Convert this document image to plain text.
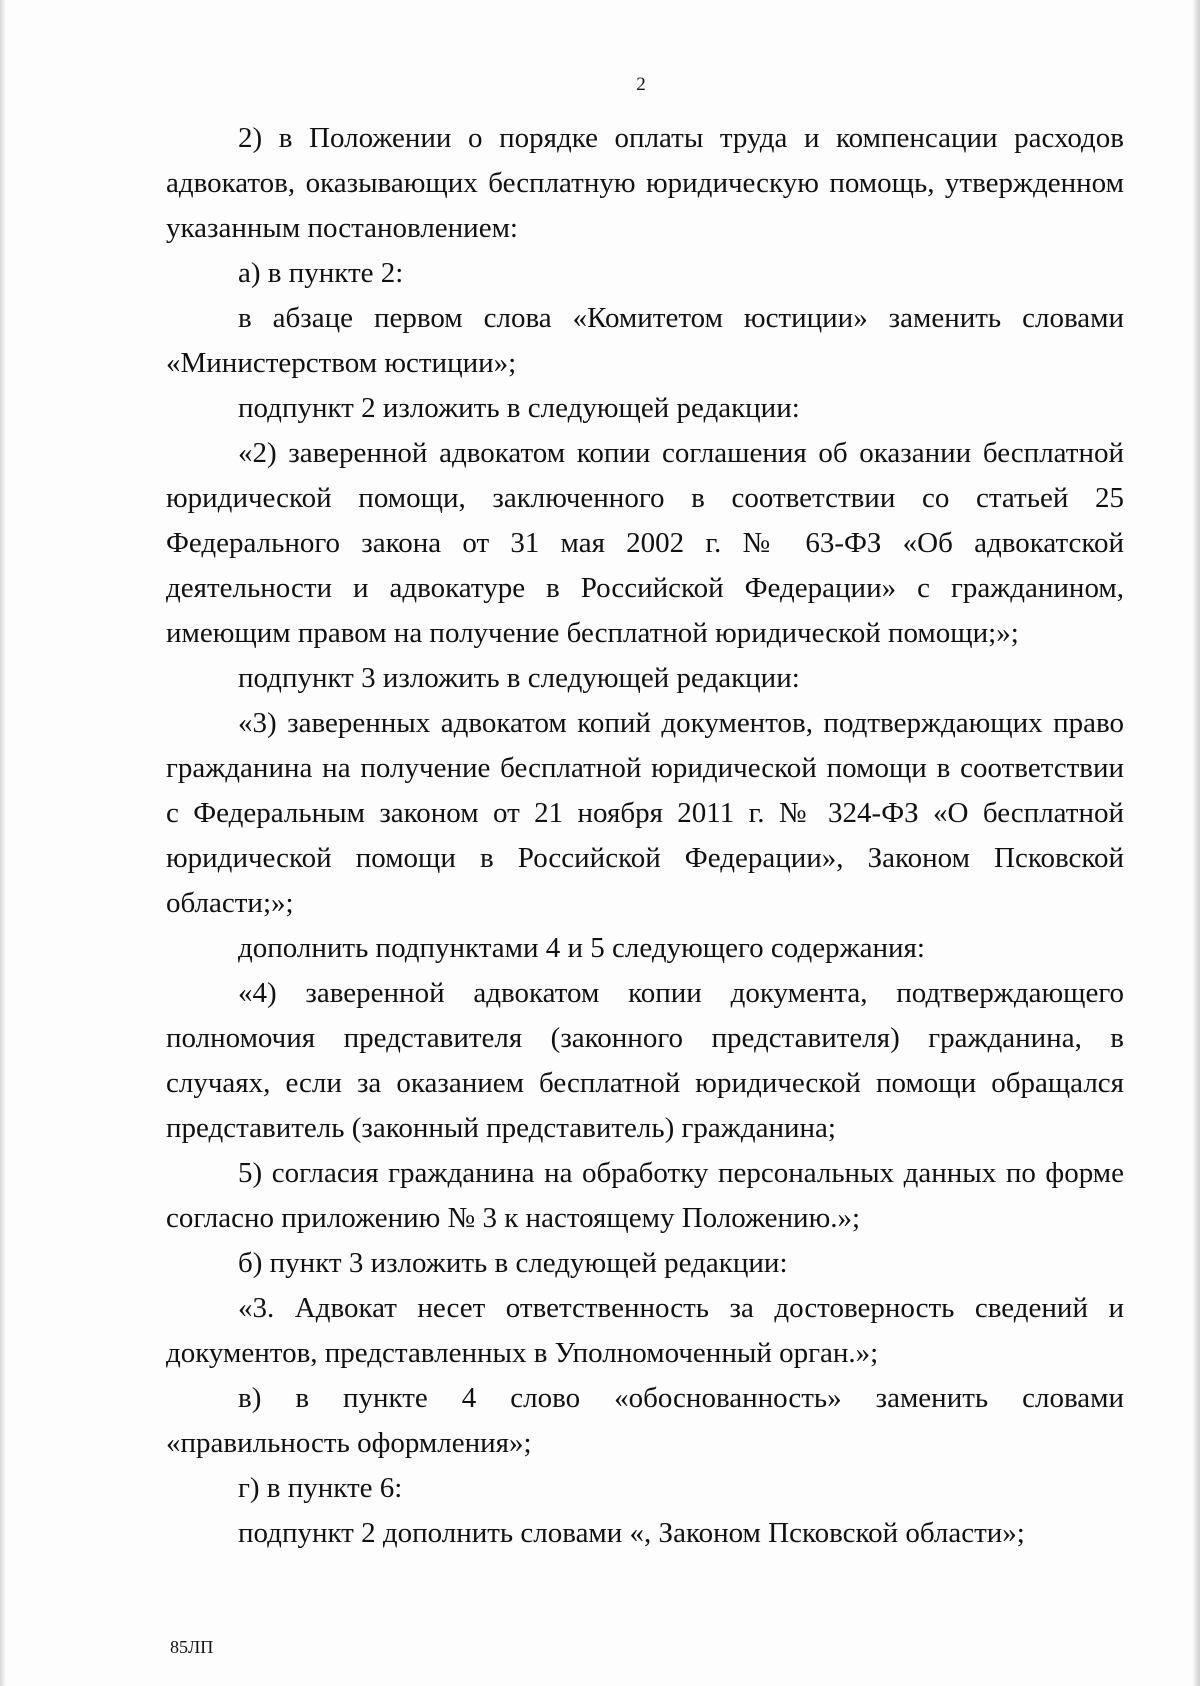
2

2) в Положении о порядке оплаты труда и компенсации расходов адвокатов, оказывающих бесплатную юридическую помощь, утвержденном указанным постановлением:

а) в пункте 2:

в абзаце первом слова «Комитетом юстиции» заменить словами «Министерством юстиции»;

подпункт 2 изложить в следующей редакции:

«2) заверенной адвокатом копии соглашения об оказании бесплатной юридической помощи, заключенного в соответствии со статьей 25 Федерального закона от 31 мая 2002 г. № 63-ФЗ «Об адвокатской деятельности и адвокатуре в Российской Федерации» с гражданином, имеющим правом на получение бесплатной юридической помощи;»;

подпункт 3 изложить в следующей редакции:

«3) заверенных адвокатом копий документов, подтверждающих право гражданина на получение бесплатной юридической помощи в соответствии с Федеральным законом от 21 ноября 2011 г. № 324-ФЗ «О бесплатной юридической помощи в Российской Федерации», Законом Псковской области;»;

дополнить подпунктами 4 и 5 следующего содержания:

«4) заверенной адвокатом копии документа, подтверждающего полномочия представителя (законного представителя) гражданина, в случаях, если за оказанием бесплатной юридической помощи обращался представитель (законный представитель) гражданина;

5) согласия гражданина на обработку персональных данных по форме согласно приложению № 3 к настоящему Положению.»;

б) пункт 3 изложить в следующей редакции:

«3. Адвокат несет ответственность за достоверность сведений и документов, представленных в Уполномоченный орган.»;

в) в пункте 4 слово «обоснованность» заменить словами «правильность оформления»;

г) в пункте 6:

подпункт 2 дополнить словами «, Законом Псковской области»;

85ЛП
